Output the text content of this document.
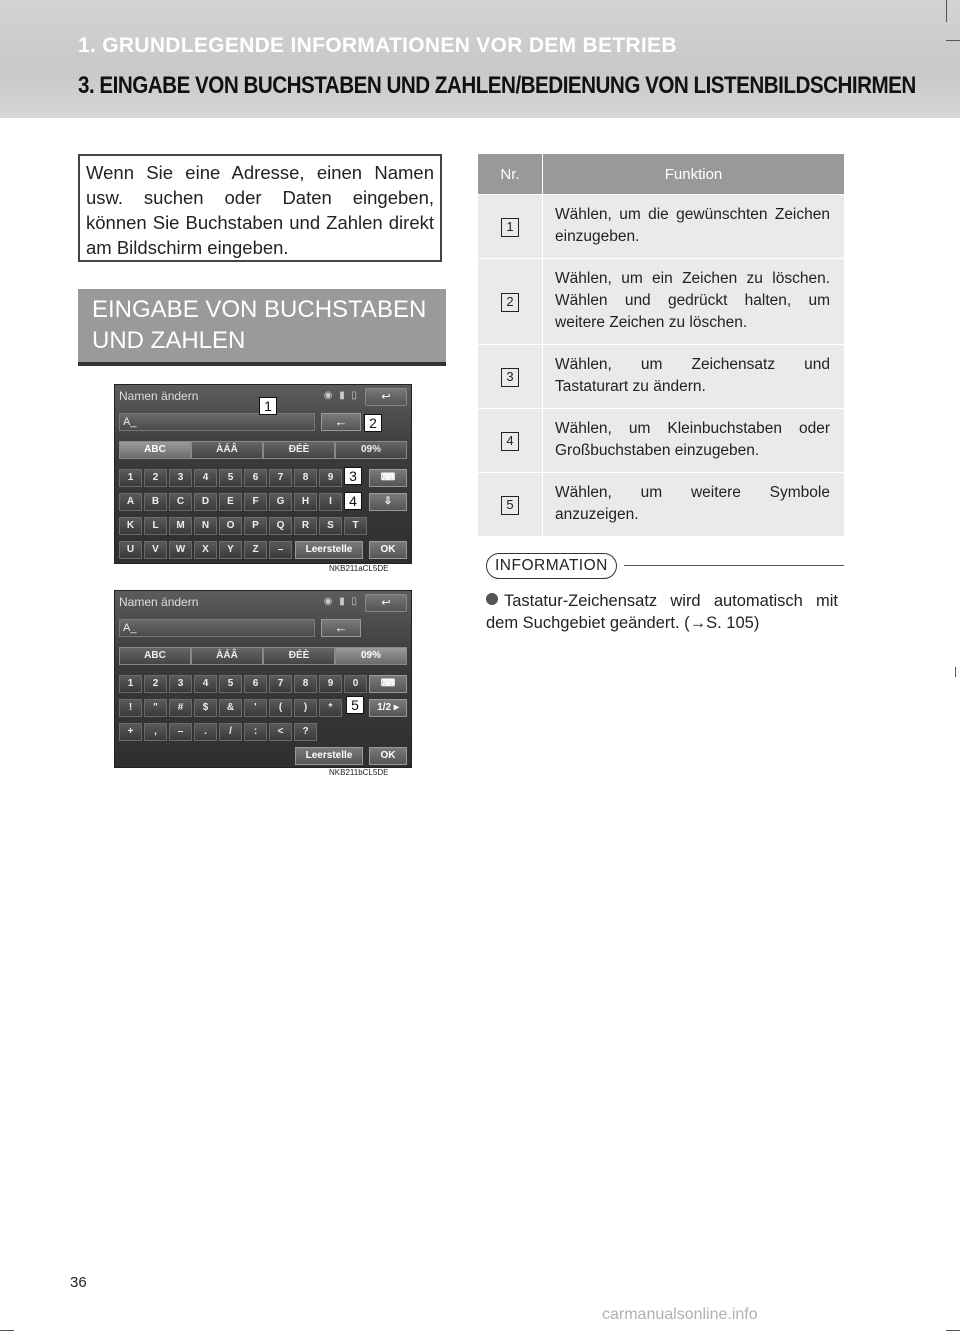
1. GRUNDLEGENDE INFORMATIONEN VOR DEM BETRIEB
3. EINGABE VON BUCHSTABEN UND ZAHLEN/BEDIENUNG VON LISTENBILDSCHIRMEN
Wenn Sie eine Adresse, einen Namen usw. suchen oder Daten eingeben, können Sie Buchstaben und Zahlen direkt am Bildschirm eingeben.
EINGABE VON BUCHSTABEN UND ZAHLEN
Namen ändern	◉ ▮ ▯	↩
A_	←
ABC	ÀÁÂ	ĐÉÈ	09%
1	2	3	4	5	6	7	8	9
A	B	C	D	E	F	G	H	I
K	L	M	N	O	P	Q	R	S	T
U	V	W	X	Y	Z	–
⌨
⇩
Leerstelle	OK
NKB211aCL5DE
1
2
3
4
Namen ändern	◉ ▮ ▯	↩
A_	←
ABC	ÀÁÂ	ĐÉÈ	09%
1	2	3	4	5	6	7	8	9	0
!	"	#	$	&	'	(	)	*
+	,	–	.	/	:	<	?
⌨
1/2 ▸
Leerstelle	OK
NKB211bCL5DE
5
Nr.	Funktion
1	Wählen, um die gewünschten Zeichen einzugeben.
2	Wählen, um ein Zeichen zu löschen. Wählen und gedrückt halten, um weitere Zeichen zu löschen.
3	Wählen, um Zeichensatz und Tastaturart zu ändern.
4	Wählen, um Kleinbuchstaben oder Großbuchstaben einzugeben.
5	Wählen, um weitere Symbole anzuzeigen.
INFORMATION
Tastatur-Zeichensatz wird automatisch mit dem Suchgebiet geändert. (→S. 105)
36
carmanualsonline.info
